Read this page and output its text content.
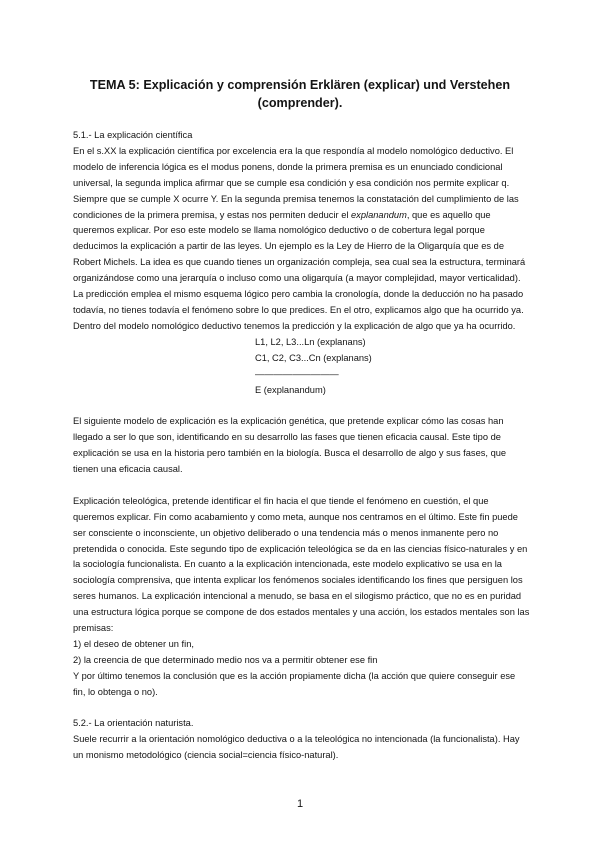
TEMA 5: Explicación y comprensión Erklären (explicar) und Verstehen (comprender).

5.1.- La explicación científica

En el s.XX la explicación científica por excelencia era la que respondía al modelo nomológico deductivo. El modelo de inferencia lógica es el modus ponens, donde la primera premisa es un enunciado condicional universal, la segunda implica afirmar que se cumple esa condición y esa condición nos permite explicar q. Siempre que se cumple X ocurre Y. En la segunda premisa tenemos la constatación del cumplimiento de las condiciones de la primera premisa, y estas nos permiten deducir el explanandum, que es aquello que queremos explicar. Por eso este modelo se llama nomológico deductivo o de cobertura legal porque deducimos la explicación a partir de las leyes. Un ejemplo es la Ley de Hierro de la Oligarquía que es de Robert Michels. La idea es que cuando tienes un organización compleja, sea cual sea la estructura, terminará organizándose como una jerarquía o incluso como una oligarquía (a mayor complejidad, mayor verticalidad).

La predicción emplea el mismo esquema lógico pero cambia la cronología, donde la deducción no ha pasado todavía, no tienes todavía el fenómeno sobre lo que predices. En el otro, explicamos algo que ha ocurrido ya. Dentro del modelo nomológico deductivo tenemos la predicción y la explicación de algo que ya ha ocurrido.

L1, L2, L3...Ln (explanans)
C1, C2, C3...Cn (explanans)
—————————
E (explanandum)

El siguiente modelo de explicación es la explicación genética, que pretende explicar cómo las cosas han llegado a ser lo que son, identificando en su desarrollo las fases que tienen eficacia causal. Este tipo de explicación se usa en la historia pero también en la biología. Busca el desarrollo de algo y sus fases, que tienen una eficacia causal.

Explicación teleológica, pretende identificar el fin hacia el que tiende el fenómeno en cuestión, el que queremos explicar. Fin como acabamiento y como meta, aunque nos centramos en el último. Este fin puede ser consciente o inconsciente, un objetivo deliberado o una tendencia más o menos inmanente pero no pretendida o conocida. Este segundo tipo de explicación teleológica se da en las ciencias físico-naturales y en la sociología funcionalista. En cuanto a la explicación intencionada, este modelo explicativo se usa en la sociología comprensiva, que intenta explicar los fenómenos sociales identificando los fines que persiguen los seres humanos. La explicación intencional a menudo, se basa en el silogismo práctico, que no es en puridad una estructura lógica porque se compone de dos estados mentales y una acción, los estados mentales son las premisas:

1) el deseo de obtener un fin,

2) la creencia de que determinado medio nos va a permitir obtener ese fin

Y por último tenemos la conclusión que es la acción propiamente dicha (la acción que quiere conseguir ese fin, lo obtenga o no).

5.2.- La orientación naturista.

Suele recurrir a la orientación nomológico deductiva o a la teleológica no intencionada (la funcionalista). Hay un monismo metodológico (ciencia social=ciencia físico-natural).

1
